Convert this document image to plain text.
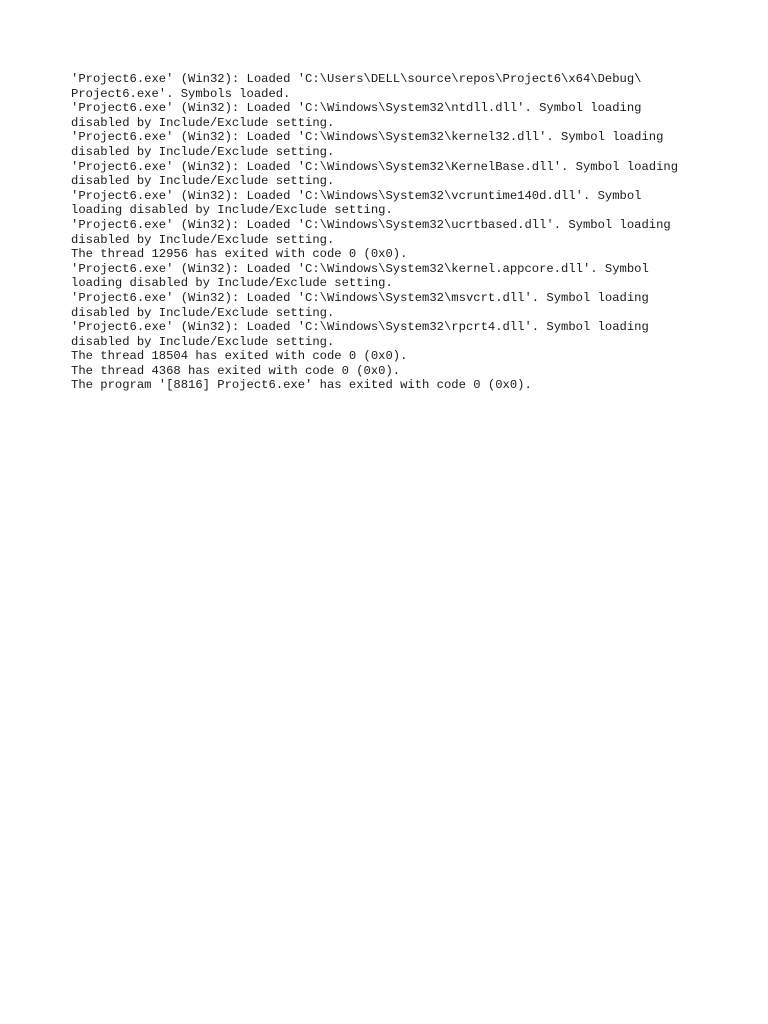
'Project6.exe' (Win32): Loaded 'C:\Users\DELL\source\repos\Project6\x64\Debug\
Project6.exe'. Symbols loaded.
'Project6.exe' (Win32): Loaded 'C:\Windows\System32\ntdll.dll'. Symbol loading
disabled by Include/Exclude setting.
'Project6.exe' (Win32): Loaded 'C:\Windows\System32\kernel32.dll'. Symbol loading
disabled by Include/Exclude setting.
'Project6.exe' (Win32): Loaded 'C:\Windows\System32\KernelBase.dll'. Symbol loading
disabled by Include/Exclude setting.
'Project6.exe' (Win32): Loaded 'C:\Windows\System32\vcruntime140d.dll'. Symbol
loading disabled by Include/Exclude setting.
'Project6.exe' (Win32): Loaded 'C:\Windows\System32\ucrtbased.dll'. Symbol loading
disabled by Include/Exclude setting.
The thread 12956 has exited with code 0 (0x0).
'Project6.exe' (Win32): Loaded 'C:\Windows\System32\kernel.appcore.dll'. Symbol
loading disabled by Include/Exclude setting.
'Project6.exe' (Win32): Loaded 'C:\Windows\System32\msvcrt.dll'. Symbol loading
disabled by Include/Exclude setting.
'Project6.exe' (Win32): Loaded 'C:\Windows\System32\rpcrt4.dll'. Symbol loading
disabled by Include/Exclude setting.
The thread 18504 has exited with code 0 (0x0).
The thread 4368 has exited with code 0 (0x0).
The program '[8816] Project6.exe' has exited with code 0 (0x0).
